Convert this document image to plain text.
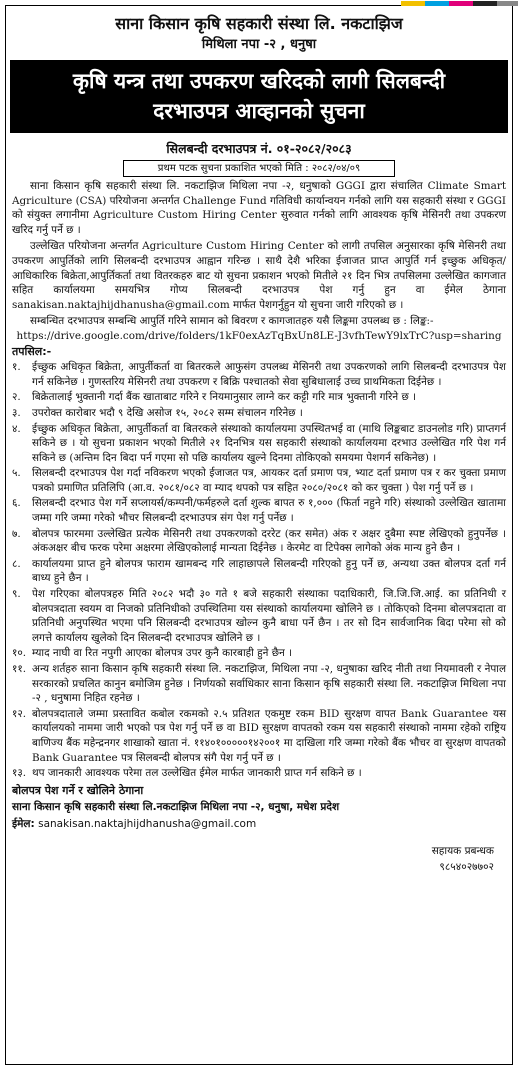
साना किसान कृषि सहकारी संस्था लि. नकटाझिज
मिथिला नपा -२ , धनुषा
कृषि यन्त्र तथा उपकरण खरिदको लागी सिलबन्दी
दरभाउपत्र आव्हानको सुचना
सिलबन्दी दरभाउपत्र नं. ०१-२०८२/२०८३
प्रथम पटक सुचना प्रकाशित भएको मिति : २०८२/०४/०९

साना किसान कृषि सहकारी संस्था लि. नकटाझिज मिथिला नपा -२, धनुषाको GGGI द्वारा संचालित Climate Smart Agriculture (CSA) परियोजना अन्तर्गत Challenge Fund गतिविधी कार्यान्वयन गर्नको लागि यस सहकारी संस्था र GGGI को संयुक्त लगानीमा Agriculture Custom Hiring Center सुरुवात गर्नको लागि आवश्यक कृषि मेसिनरी तथा उपकरण खरिद गर्नु पर्ने छ ।

उल्लेखित परियोजना अन्तर्गत Agriculture Custom Hiring Center को लागी तपसिल अनुसारका कृषि मेसिनरी तथा उपकरण आपुर्तिको लागि सिलबन्दी दरभाउपत्र आह्वान गरिन्छ । साथै देशै भरिका ईजाजत प्राप्त आपुर्ति गर्न इच्छुक अधिकृत/आधिकारिक बिक्रेता,आपुर्तिकर्ता तथा वितरकहरु बाट यो सुचना प्रकाशन भएको मितीले २१ दिन भित्र तपसिलमा उल्लेखित कागजात सहित कार्यालयमा समयभित्र गोप्य सिलबन्दी दरभाउपत्र पेश गर्नु हुन वा ईमेल ठेगाना sanakisan.naktajhijdhanusha@gmail.com मार्फत पेशगर्नुहुन यो सुचना जारी गरिएको छ ।

सम्बन्धित दरभाउपत्र सम्बन्धि आपुर्ति गरिने सामान को बिवरण र कागजातहरु यसै लिङ्कमा उपलब्ध छ : लिङ्क:-

https://drive.google.com/drive/folders/1kF0exAzTqBxUn8LE-J3vfhTewY9lxTrC?usp=sharing

तपसिल:-
१.	ईच्छुक अधिकृत बिक्रेता, आपुर्तीकर्ता वा बितरकले आफुसंग उपलब्ध मेसिनरी तथा उपकरणको लागि सिलबन्दी दरभाउपत्र पेश गर्न सकिनेछ । गुणस्तरिय मेसिनरी तथा उपकरण र बिक्रि पश्चातको सेवा सुबिधालाई उच्च प्राथमिकता दिईनेछ ।
२.	बिक्रेतालाई भुक्तानी गर्दा बैंक खाताबाट गरिने र नियमानुसार लाग्ने कर कट्टी गरि मात्र भुक्तानी गरिने छ ।
३.	उपरोक्त कारोबार भदौ ९ देखि असोज १५, २०८२ सम्म संचालन गरिनेछ ।
४.	ईच्छुक अधिकृत बिक्रेता, आपुर्तीकर्ता वा बितरकले संस्थाको कार्यालयमा उपस्थितभई वा (माथि लिङ्कबाट डाउनलोड गरि) प्राप्तगर्न सकिने छ । यो सुचना प्रकाशन भएको मितीले २१ दिनभित्र यस सहकारी संस्थाको कार्यालयमा दरभाउ उल्लेखित गरि पेश गर्न सकिने छ (अन्तिम दिन बिदा पर्न गएमा सो पछि कार्यालय खुल्ने दिनमा तोकिएको समयमा पेशगर्न सकिनेछ) ।
५.	सिलबन्दी दरभाउपत्र पेश गर्दा नविकरण भएको ईजाजत पत्र, आयकर दर्ता प्रमाण पत्र, भ्याट दर्ता प्रमाण पत्र र कर चुक्ता प्रमाण पत्रको प्रमाणित प्रतिलिपि (आ.व. २०८१/०८२ वा म्याद थपको पत्र सहित २०८०/२०८१ को कर चुक्ता ) पेश गर्नु पर्ने छ ।
६.	सिलबन्दी दरभाउ पेश गर्ने सप्लायर्स/कम्पनी/फर्महरुले दर्ता शुल्क बापत रु १,००० (फिर्ता नहुने गरि) संस्थाको उल्लेखित खातामा जम्मा गरि जम्मा गरेको भौचर सिलबन्दी दरभाउपत्र संग पेश गर्नु पर्नेछ ।
७.	बोलपत्र फारममा उल्लेखित प्रत्येक मेसिनरी तथा उपकरणको दररेट (कर समेत) अंक र अक्षर दुबैमा स्पष्ट लेखिएको हुनुपर्नेछ । अंकअक्षर बीच फरक परेमा अक्षरमा लेखिएकोलाई मान्यता दिईनेछ । केरमेट वा टिपेक्स लागेको अंक मान्य हुने छैन ।
८.	कार्यालयमा प्राप्त हुने बोलपत्र फाराम खामबन्द गरि लाहाछापले सिलबन्दी गरिएको हुनु पर्ने छ, अन्यथा उक्त बोलपत्र दर्ता गर्न बाध्य हुने छैन ।
९.	पेश गरिएका बोलपत्रहरु मिति २०८२ भदौ ३० गते १ बजे सहकारी संस्थाका पदाधिकारी, जि.जि.जि.आई. का प्रतिनिधी र बोलपत्रदाता स्वयम वा निजको प्रतिनिधीको उपस्थितिमा यस संस्थाको कार्यालयमा खोलिने छ । तोकिएको दिनमा बोलपत्रदाता वा प्रतिनिधी अनुपस्थित भएमा पनि सिलबन्दी दरभाउपत्र खोल्न कुनै बाधा पर्ने छैन । तर सो दिन सार्वजानिक बिदा परेमा सो को लगत्ते कार्यालय खुलेको दिन सिलबन्दी दरभाउपत्र खोलिने छ ।
१०. म्याद नाघी वा रित नपुगी आएका बोलपत्र उपर कुनै कारबाही हुने छैन ।
११. अन्य शर्तहरु साना किसान कृषि सहकारी संस्था लि. नकटाझिज, मिथिला नपा -२, धनुषाका खरिद नीती तथा नियमावली र नेपाल सरकारको प्रचलित कानुन बमोजिम हुनेछ । निर्णयको सर्वाधिकार साना किसान कृषि सहकारी संस्था लि. नकटाझिज मिथिला नपा -२ , धनुषामा निहित रहनेछ ।
१२. बोलपत्रदाताले जम्मा प्रस्तावित कबोल रकमको २.५ प्रतिशत एकमुष्ट रकम BID सुरक्षण वापत Bank Guarantee यस कार्यालयको नाममा जारी भएको पत्र पेश गर्नु पर्ने छ वा BID सुरक्षण वापतको रकम यस सहकारी संस्थाको नाममा रहेको राष्ट्रिय बाणिज्य बैंक महेन्द्रनगर शाखाको खाता नं. ११४०१०००००१४२००१ मा दाखिला गरि जम्मा गरेको बैंक भौचर वा सुरक्षण वापतको Bank Guarantee पत्र सिलबन्दी बोलपत्र संगै पेश गर्नु पर्ने छ ।
१३. थप जानकारी आवश्यक परेमा तल उल्लेखित ईमेल मार्फत जानकारी प्राप्त गर्न सकिने छ ।
बोलपत्र पेश गर्ने र खोलिने ठेगाना
साना किसान कृषि सहकारी संस्था लि.नकटाझिज मिथिला नपा -२, धनुषा, मधेश प्रदेश
ईमेल: sanakisan.naktajhijdhanusha@gmail.com
सहायक प्रबन्धक
९८५४०२७७०२
